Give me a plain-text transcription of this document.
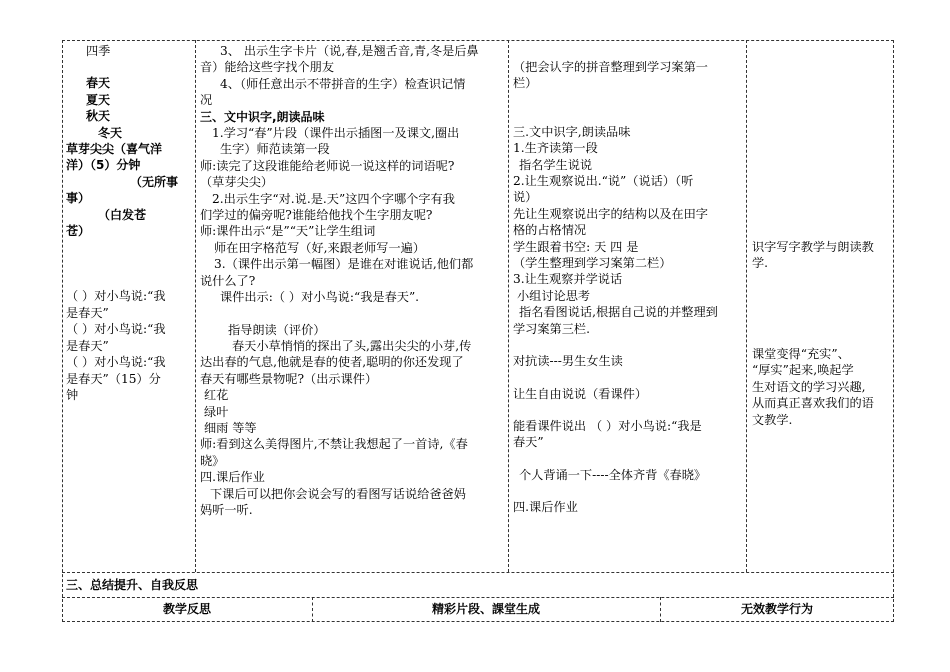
四季
春天
夏天
秋天
冬天
草芽尖尖（喜气洋
洋）（5）分钟
（无所事
事）
（白发苍
苍）
（ ）对小鸟说:“我
是春天”
（ ）对小鸟说:“我
是春天”
（ ）对小鸟说:“我
是春天”（15）分
钟
3、 出示生字卡片（说,春,是翘舌音,青,冬是后鼻
音）能给这些字找个朋友
4、（师任意出示不带拼音的生字）检查识记情
况
三、文中识字,朗读品味
1.学习“春”片段（课件出示插图一及课文,圈出
生字）师范读第一段
师:读完了这段谁能给老师说一说这样的词语呢?
（草芽尖尖）
2.出示生字“对.说.是.天”这四个字哪个字有我
们学过的偏旁呢?谁能给他找个生字朋友呢?
师:课件出示“是”“天”让学生组词
师在田字格范写（好,来跟老师写一遍）
3.（课件出示第一幅图）是谁在对谁说话,他们都
说什么了?
课件出示:（ ）对小鸟说:“我是春天”.
指导朗读（评价）
春天小草悄悄的探出了头,露出尖尖的小芽,传
达出春的气息,他就是春的使者,聪明的你还发现了
春天有哪些景物呢?（出示课件）
红花
绿叶
细雨 等等
师:看到这么美得图片,不禁让我想起了一首诗,《春
晓》
四.课后作业
下课后可以把你会说会写的看图写话说给爸爸妈
妈听一听.
（把会认字的拼音整理到学习案第一
栏）
三.文中识字,朗读品味
1.生齐读第一段
指名学生说说
2.让生观察说出.“说”（说话）（听
说）
先让生观察说出字的结构以及在田字
格的占格情况
学生跟着书空: 天 四 是
（学生整理到学习案第二栏）
3.让生观察并学说话
小组讨论思考
指名看图说话,根据自己说的并整理到
学习案第三栏.
对抗读---男生女生读
让生自由说说（看课件）
能看课件说出 （ ）对小鸟说:“我是
春天”
个人背诵一下----全体齐背《春晓》
四.课后作业
识字写字教学与朗读教
学.
课堂变得“充实”、
“厚实”起来,唤起学
生对语文的学习兴趣,
从而真正喜欢我们的语
文教学.
三、总结提升、自我反思
教学反思	精彩片段、課堂生成	无效教学行为
